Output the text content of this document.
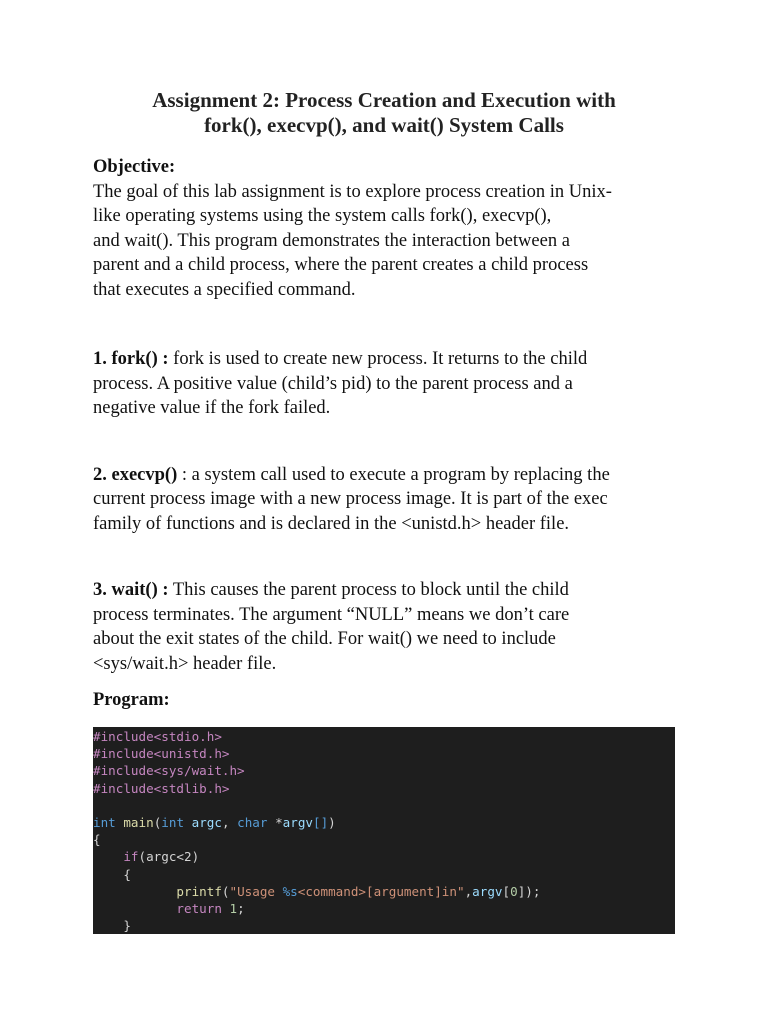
Assignment 2: Process Creation and Execution with
fork(), execvp(), and wait() System Calls
Objective:
The goal of this lab assignment is to explore process creation in Unix-
like operating systems using the system calls fork(), execvp(),
and wait(). This program demonstrates the interaction between a
parent and a child process, where the parent creates a child process
that executes a specified command.
1. fork() : fork is used to create new process. It returns to the child
process. A positive value (child’s pid) to the parent process and a
negative value if the fork failed.
2. execvp() : a system call used to execute a program by replacing the
current process image with a new process image. It is part of the exec
family of functions and is declared in the <unistd.h> header file.
3. wait() : This causes the parent process to block until the child
process terminates. The argument “NULL” means we don’t care
about the exit states of the child. For wait() we need to include
<sys/wait.h> header file.
Program:
#include<stdio.h>
#include<unistd.h>
#include<sys/wait.h>
#include<stdlib.h>
int main(int argc, char *argv[])
{
if(argc<2)
{
printf("Usage %s<command>[argument]in",argv[0]);
return 1;
}
